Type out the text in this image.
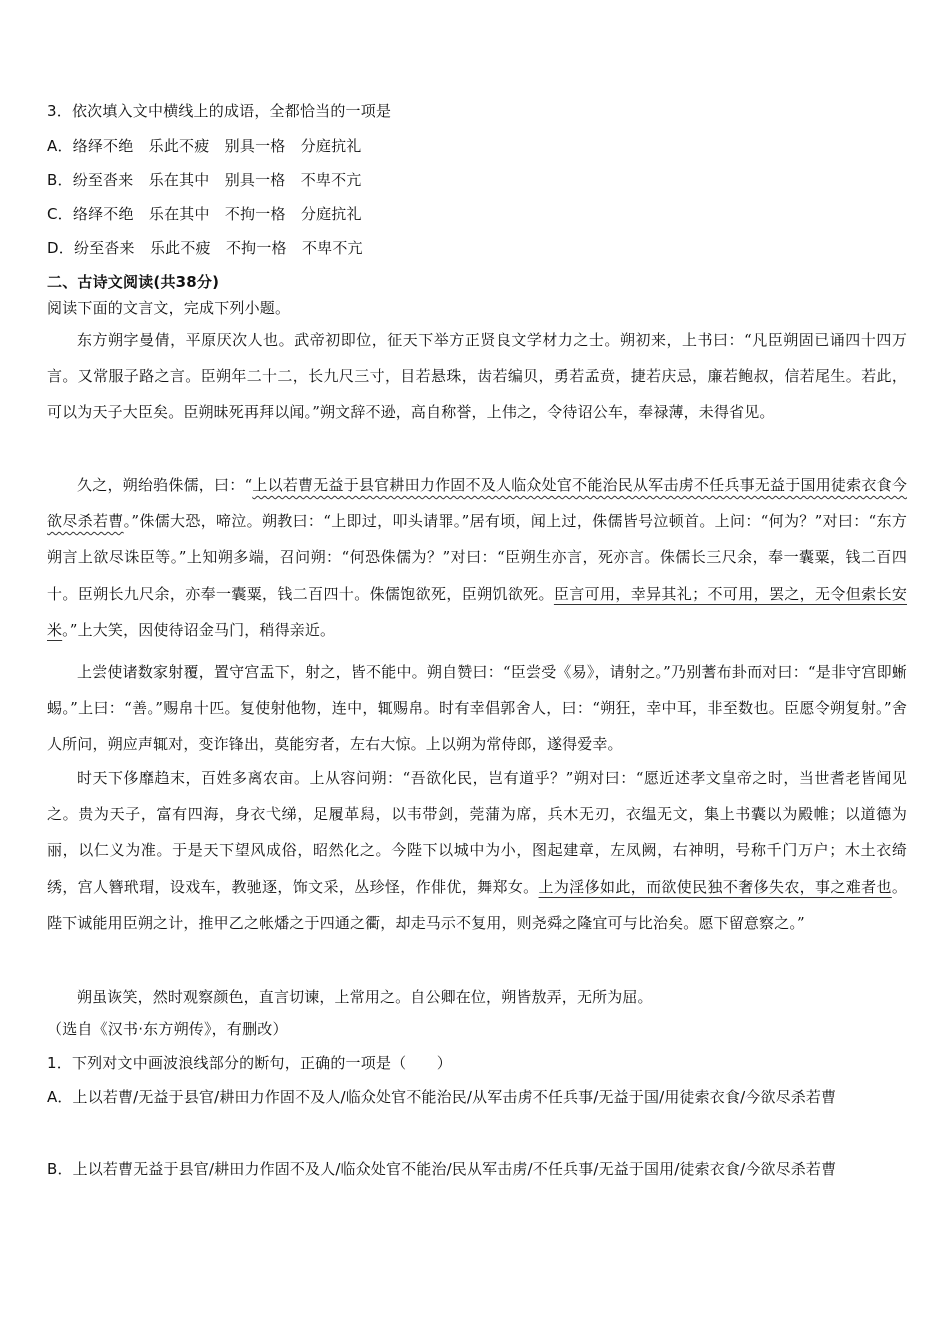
3．依次填入文中横线上的成语，全都恰当的一项是
A．络绎不绝　乐此不疲　别具一格　分庭抗礼
B．纷至沓来　乐在其中　别具一格　不卑不亢
C．络绎不绝　乐在其中　不拘一格　分庭抗礼
D．纷至沓来　乐此不疲　不拘一格　不卑不亢
二、古诗文阅读(共38分)
阅读下面的文言文，完成下列小题。
东方朔字曼倩，平原厌次人也。武帝初即位，征天下举方正贤良文学材力之士。朔初来，上书曰：“凡臣朔固已诵四十四万言。又常服子路之言。臣朔年二十二，长九尺三寸，目若悬珠，齿若编贝，勇若孟贲，捷若庆忌，廉若鲍叔，信若尾生。若此，可以为天子大臣矣。臣朔昧死再拜以闻。”朔文辞不逊，高自称誉，上伟之，令待诏公车，奉禄薄，未得省见。
久之，朔绐驺侏儒，曰：“上以若曹无益于县官耕田力作固不及人临众处官不能治民从军击虏不任兵事无益于国用徒索衣食今欲尽杀若曹。”侏儒大恐，啼泣。朔教曰：“上即过，叩头请罪。”居有顷，闻上过，侏儒皆号泣顿首。上问：“何为？”对曰：“东方朔言上欲尽诛臣等。”上知朔多端，召问朔：“何恐侏儒为？”对曰：“臣朔生亦言，死亦言。侏儒长三尺余，奉一囊粟，钱二百四十。臣朔长九尺余，亦奉一囊粟，钱二百四十。侏儒饱欲死，臣朔饥欲死。臣言可用，幸异其礼；不可用，罢之，无令但索长安米。”上大笑，因使待诏金马门，稍得亲近。
上尝使诸数家射覆，置守宫盂下，射之，皆不能中。朔自赞曰：“臣尝受《易》，请射之。”乃别蓍布卦而对曰：“是非守宫即蜥蜴。”上曰：“善。”赐帛十匹。复使射他物，连中，辄赐帛。时有幸倡郭舍人，曰：“朔狂，幸中耳，非至数也。臣愿令朔复射。”舍人所问，朔应声辄对，变诈锋出，莫能穷者，左右大惊。上以朔为常侍郎，遂得爱幸。
时天下侈靡趋末，百姓多离农亩。上从容问朔：“吾欲化民，岂有道乎？”朔对曰：“愿近述孝文皇帝之时，当世耆老皆闻见之。贵为天子，富有四海，身衣弋绨，足履革舄，以韦带剑，莞蒲为席，兵木无刃，衣缊无文，集上书囊以为殿帷；以道德为丽，以仁义为准。于是天下望风成俗，昭然化之。今陛下以城中为小，图起建章，左凤阙，右神明，号称千门万户；木土衣绮绣，宫人簪玳瑁，设戏车，教驰逐，饰文采，丛珍怪，作俳优，舞郑女。上为淫侈如此，而欲使民独不奢侈失农，事之难者也。陛下诚能用臣朔之计，推甲乙之帐燔之于四通之衢，却走马示不复用，则尧舜之隆宜可与比治矣。愿下留意察之。”
朔虽诙笑，然时观察颜色，直言切谏，上常用之。自公卿在位，朔皆敖弄，无所为屈。
（选自《汉书·东方朔传》，有删改）
1．下列对文中画波浪线部分的断句，正确的一项是（　　）
A．上以若曹/无益于县官/耕田力作固不及人/临众处官不能治民/从军击虏不任兵事/无益于国/用徒索衣食/今欲尽杀若曹
B．上以若曹无益于县官/耕田力作固不及人/临众处官不能治/民从军击虏/不任兵事/无益于国用/徒索衣食/今欲尽杀若曹
